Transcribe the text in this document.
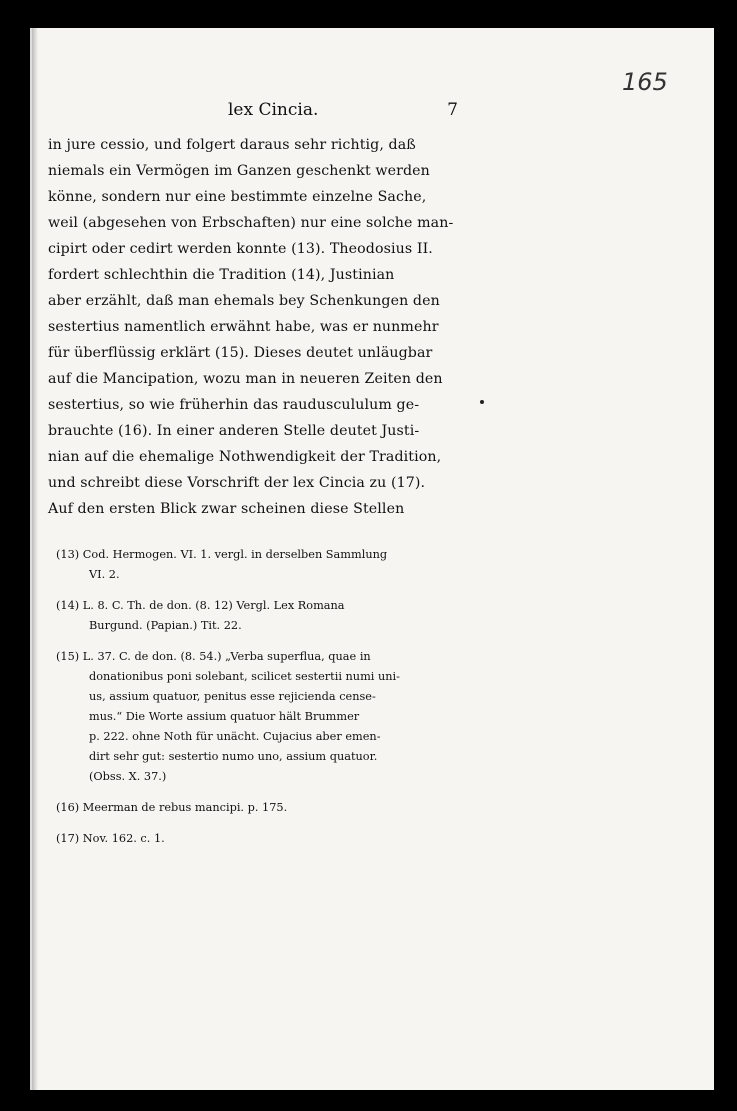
165
lex Cincia.	7

in jure cessio, und folgert daraus sehr richtig, daß
niemals ein Vermögen im Ganzen geschenkt werden
könne, sondern nur eine bestimmte einzelne Sache,
weil (abgesehen von Erbschaften) nur eine solche man-
cipirt oder cedirt werden konnte (13). Theodosius II.
fordert schlechthin die Tradition (14), Justinian
aber erzählt, daß man ehemals bey Schenkungen den
sestertius namentlich erwähnt habe, was er nunmehr
für überflüssig erklärt (15). Dieses deutet unläugbar
auf die Mancipation, wozu man in neueren Zeiten den
sestertius, so wie früherhin das rauduscululum ge-
brauchte (16). In einer anderen Stelle deutet Justi-
nian auf die ehemalige Nothwendigkeit der Tradition,
und schreibt diese Vorschrift der lex Cincia zu (17).
Auf den ersten Blick zwar scheinen diese Stellen

(13) Cod. Hermogen. VI. 1. vergl. in derselben Sammlung
VI. 2.
(14) L. 8. C. Th. de don. (8. 12) Vergl. Lex Romana
Burgund. (Papian.) Tit. 22.
(15) L. 37. C. de don. (8. 54.) „Verba superflua, quae in
donationibus poni solebant, scilicet sestertii numi uni-
us, assium quatuor, penitus esse rejicienda cense-
mus.“ Die Worte assium quatuor hält Brummer
p. 222. ohne Noth für unächt. Cujacius aber emen-
dirt sehr gut: sestertio numo uno, assium quatuor.
(Obss. X. 37.)
(16) Meerman de rebus mancipi. p. 175.
(17) Nov. 162. c. 1.
